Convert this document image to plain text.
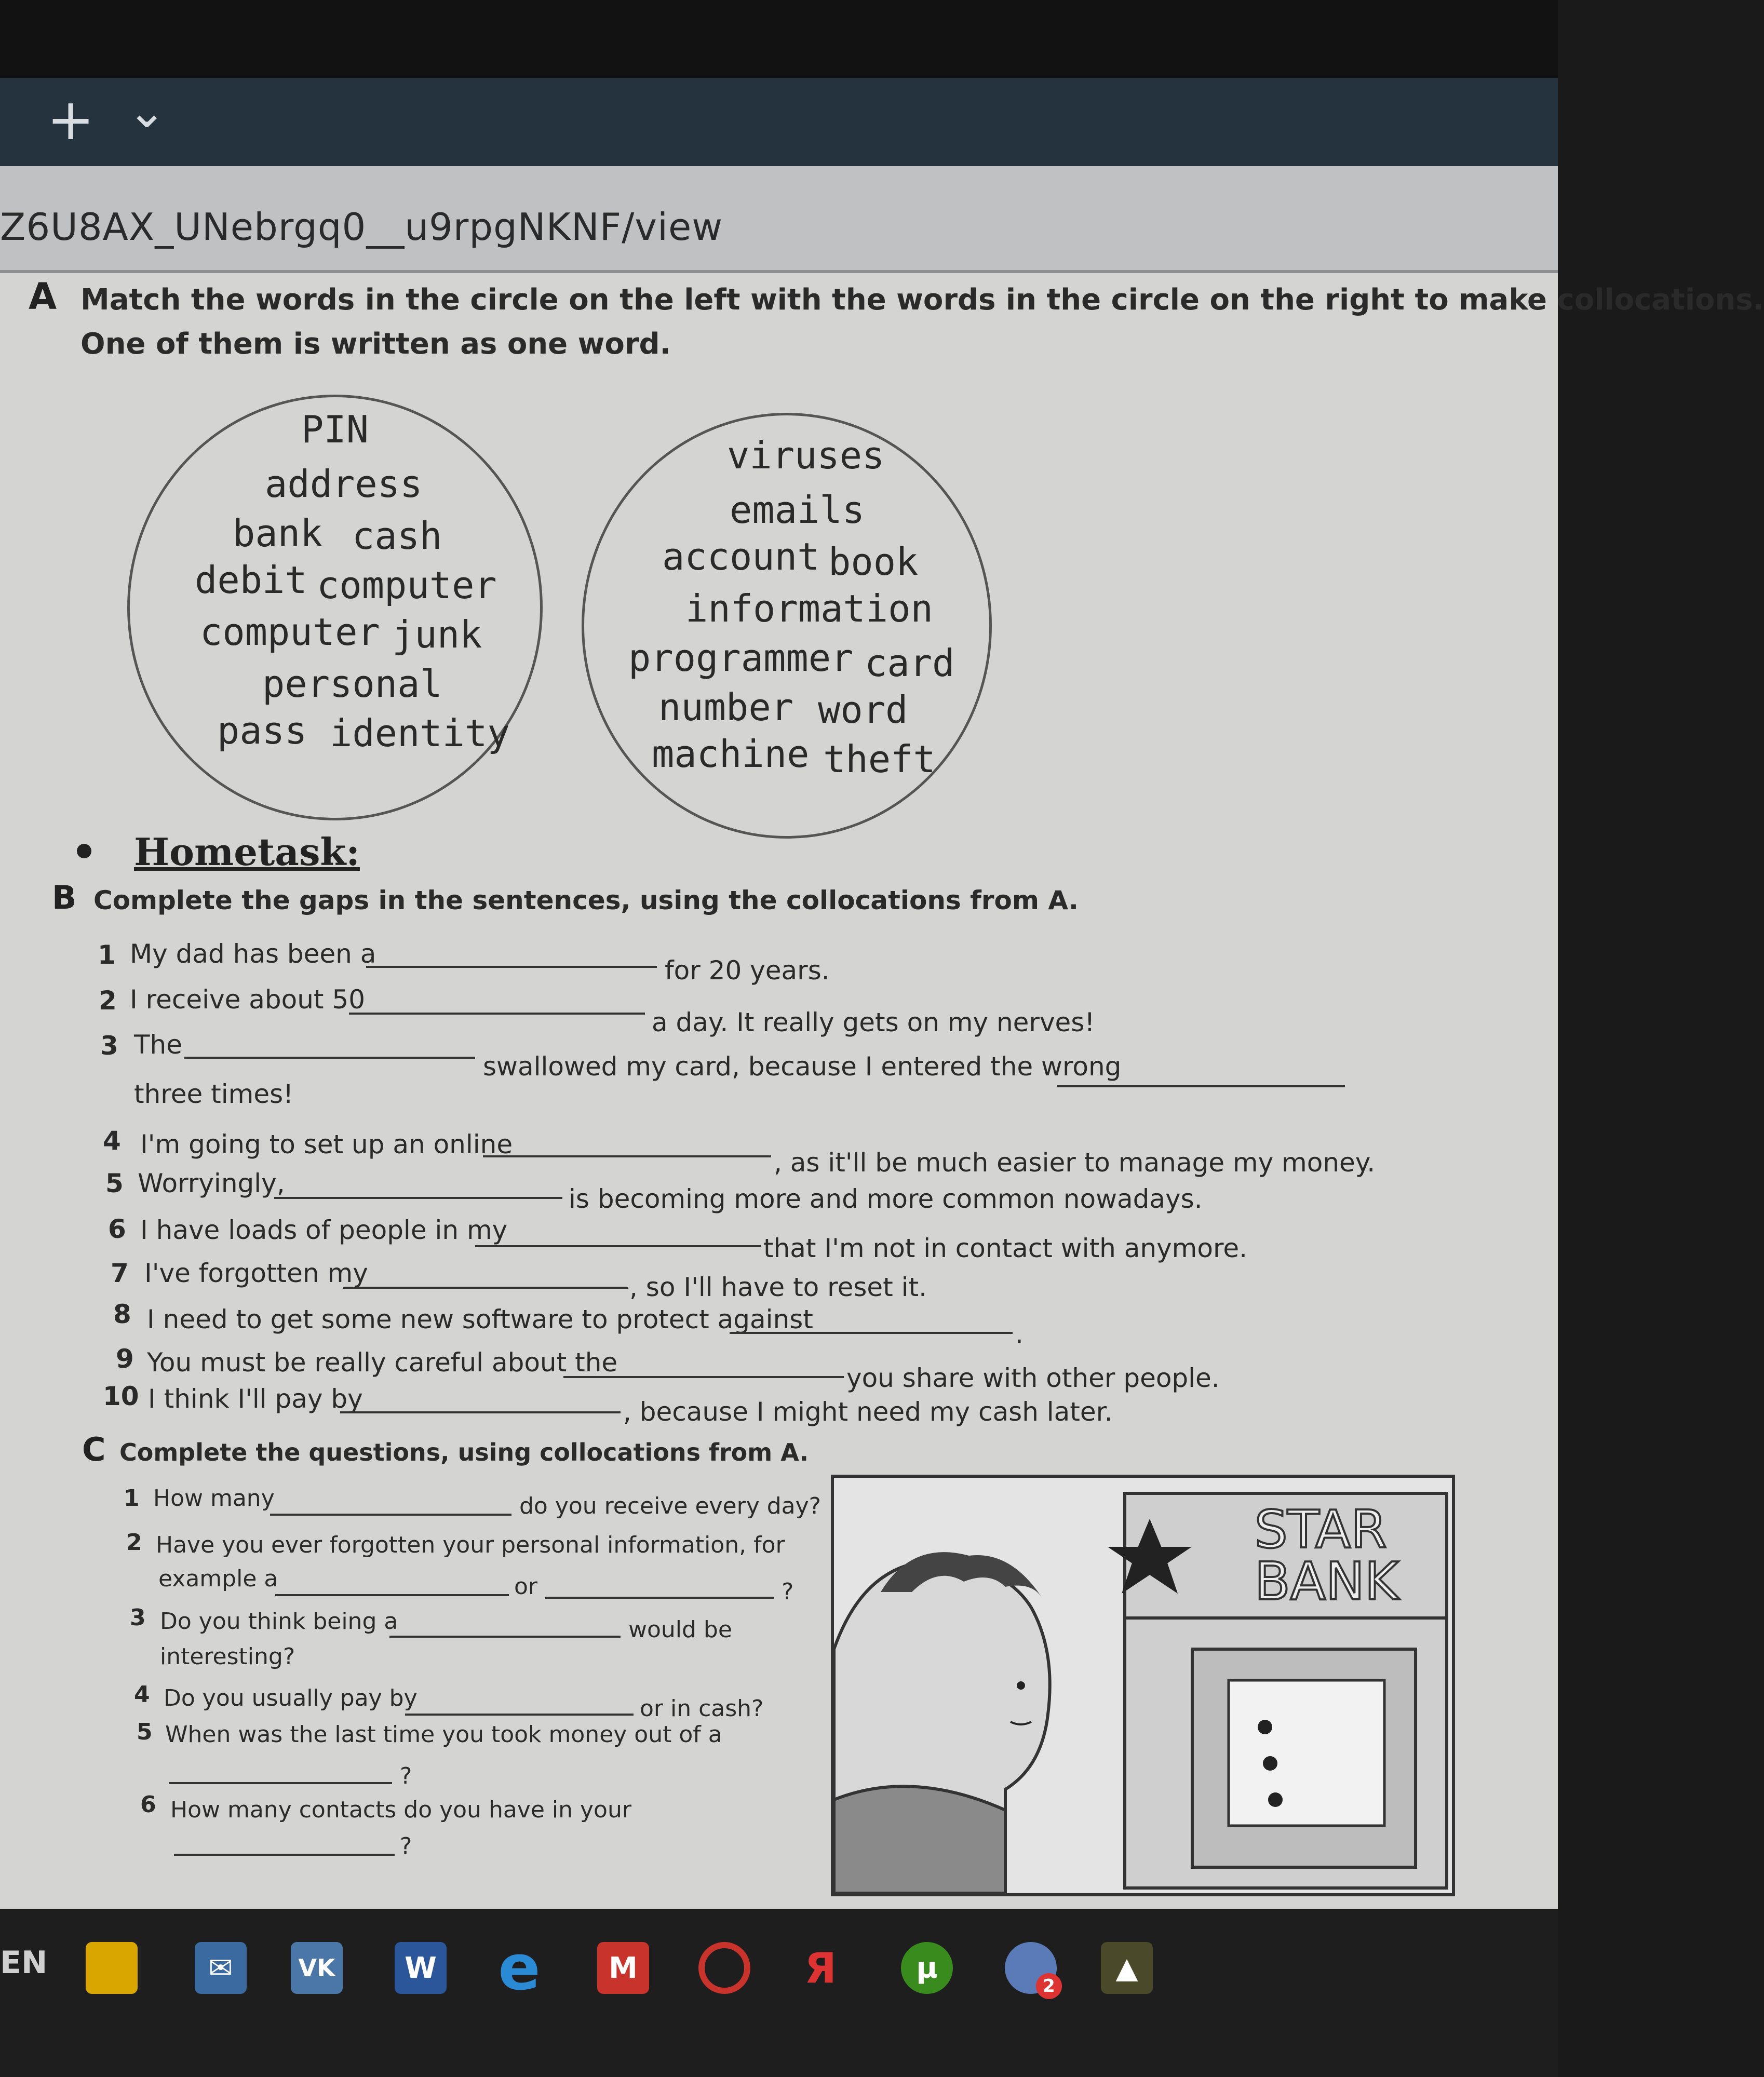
+ ⌄
Z6U8AX_UNebrgq0__u9rpgNKNF/view
A Match the words in the circle on the left with the words in the circle on the right to make collocations.
One of them is written as one word.
PIN
address
bank cash
debit computer
computer junk
personal
pass identity
viruses
emails
account book
information
programmer card
number word
machine theft
Hometask:
B Complete the gaps in the sentences, using the collocations from A.
1 My dad has been a
for 20 years.
2 I receive about 50
a day. It really gets on my nerves!
3 The
swallowed my card, because I entered the wrong
three times!
4 I'm going to set up an online
, as it'll be much easier to manage my money.
5 Worryingly,
is becoming more and more common nowadays.
6 I have loads of people in my
that I'm not in contact with anymore.
7 I've forgotten my	, so I'll have to reset it.
8 I need to get some new software to protect against	.
9 You must be really careful about the
you share with other people.
10 I think I'll pay by	, because I might need my cash later.
C Complete the questions, using collocations from A.
1 How many	do you receive every day?
2 Have you ever forgotten your personal information, for
example a	or	?
3 Do you think being a	would be
interesting?
4 Do you usually pay by	or in cash?
5 When was the last time you took money out of a
?
6 How many contacts do you have in your
?
STAR
BANK
EN	✉	VK	W e	M	Я	µ
2
▲
